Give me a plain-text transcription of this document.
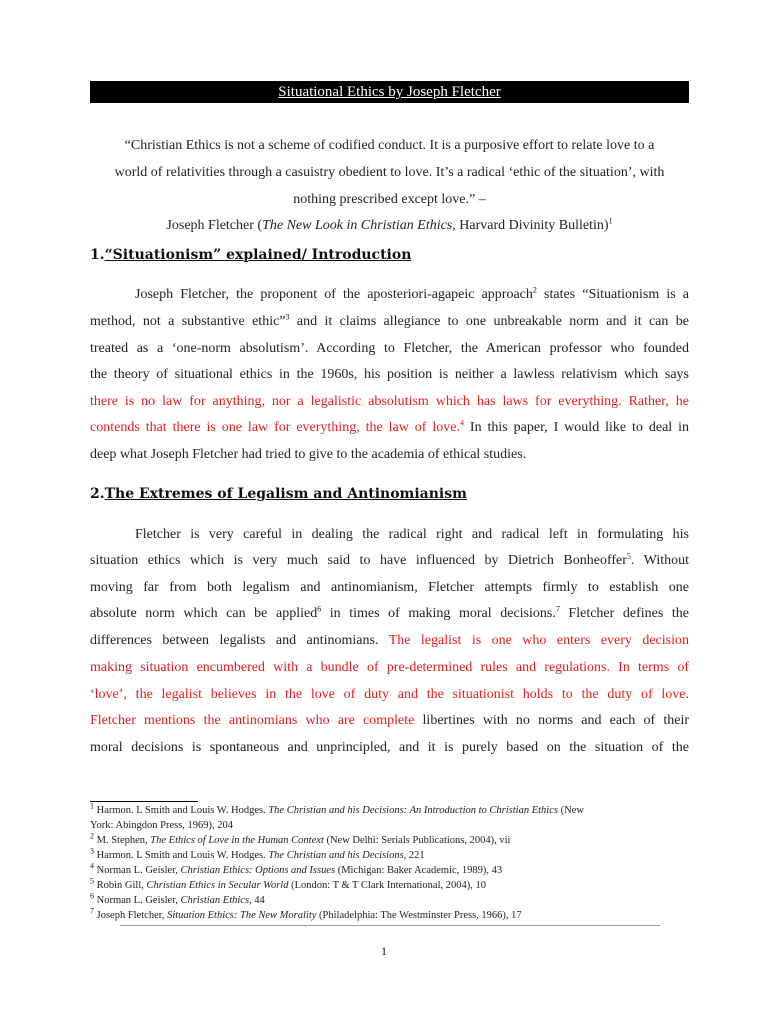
Situational Ethics by Joseph Fletcher
“Christian Ethics is not a scheme of codified conduct. It is a purposive effort to relate love to a
world of relativities through a casuistry obedient to love. It’s a radical ‘ethic of the situation’, with
nothing prescribed except love.” –
Joseph Fletcher (The New Look in Christian Ethics, Harvard Divinity Bulletin)$^1$
1.“Situationism” explained/ Introduction
Joseph Fletcher, the proponent of the aposteriori-agapeic approach$^2$ states “Situationism is a
method, not a substantive ethic”$^3$ and it claims allegiance to one unbreakable norm and it can be
treated as a ‘one-norm absolutism’. According to Fletcher, the American professor who founded
the theory of situational ethics in the 1960s, his position is neither a lawless relativism which says
there is no law for anything, nor a legalistic absolutism which has laws for everything. Rather, he
contends that there is one law for everything, the law of love.$^4$ In this paper, I would like to deal in
deep what Joseph Fletcher had tried to give to the academia of ethical studies.
2.The Extremes of Legalism and Antinomianism
Fletcher is very careful in dealing the radical right and radical left in formulating his
situation ethics which is very much said to have influenced by Dietrich Bonheoffer$^5$. Without
moving far from both legalism and antinomianism, Fletcher attempts firmly to establish one
absolute norm which can be applied$^6$ in times of making moral decisions.$^7$ Fletcher defines the
differences between legalists and antinomians. The legalist is one who enters every decision
making situation encumbered with a bundle of pre-determined rules and regulations. In terms of
‘love’, the legalist believes in the love of duty and the situationist holds to the duty of love.
Fletcher mentions the antinomians who are complete libertines with no norms and each of their
moral decisions is spontaneous and unprincipled, and it is purely based on the situation of the
$^1$ Harmon. L Smith and Louis W. Hodges. The Christian and his Decisions: An Introduction to Christian Ethics (New
York: Abingdon Press, 1969), 204
$^2$ M. Stephen, The Ethics of Love in the Human Context (New Delhi: Serials Publications, 2004), vii
$^3$ Harmon. L Smith and Louis W. Hodges. The Christian and his Decisions, 221
$^4$ Norman L. Geisler, Christian Ethics: Options and Issues (Michigan: Baker Academic, 1989), 43
$^5$ Robin Gill, Christian Ethics in Secular World (London: T & T Clark International, 2004), 10
$^6$ Norman L. Geisler, Christian Ethics, 44
$^7$ Joseph Fletcher, Situation Ethics: The New Morality (Philadelphia: The Westminster Press, 1966), 17
1
